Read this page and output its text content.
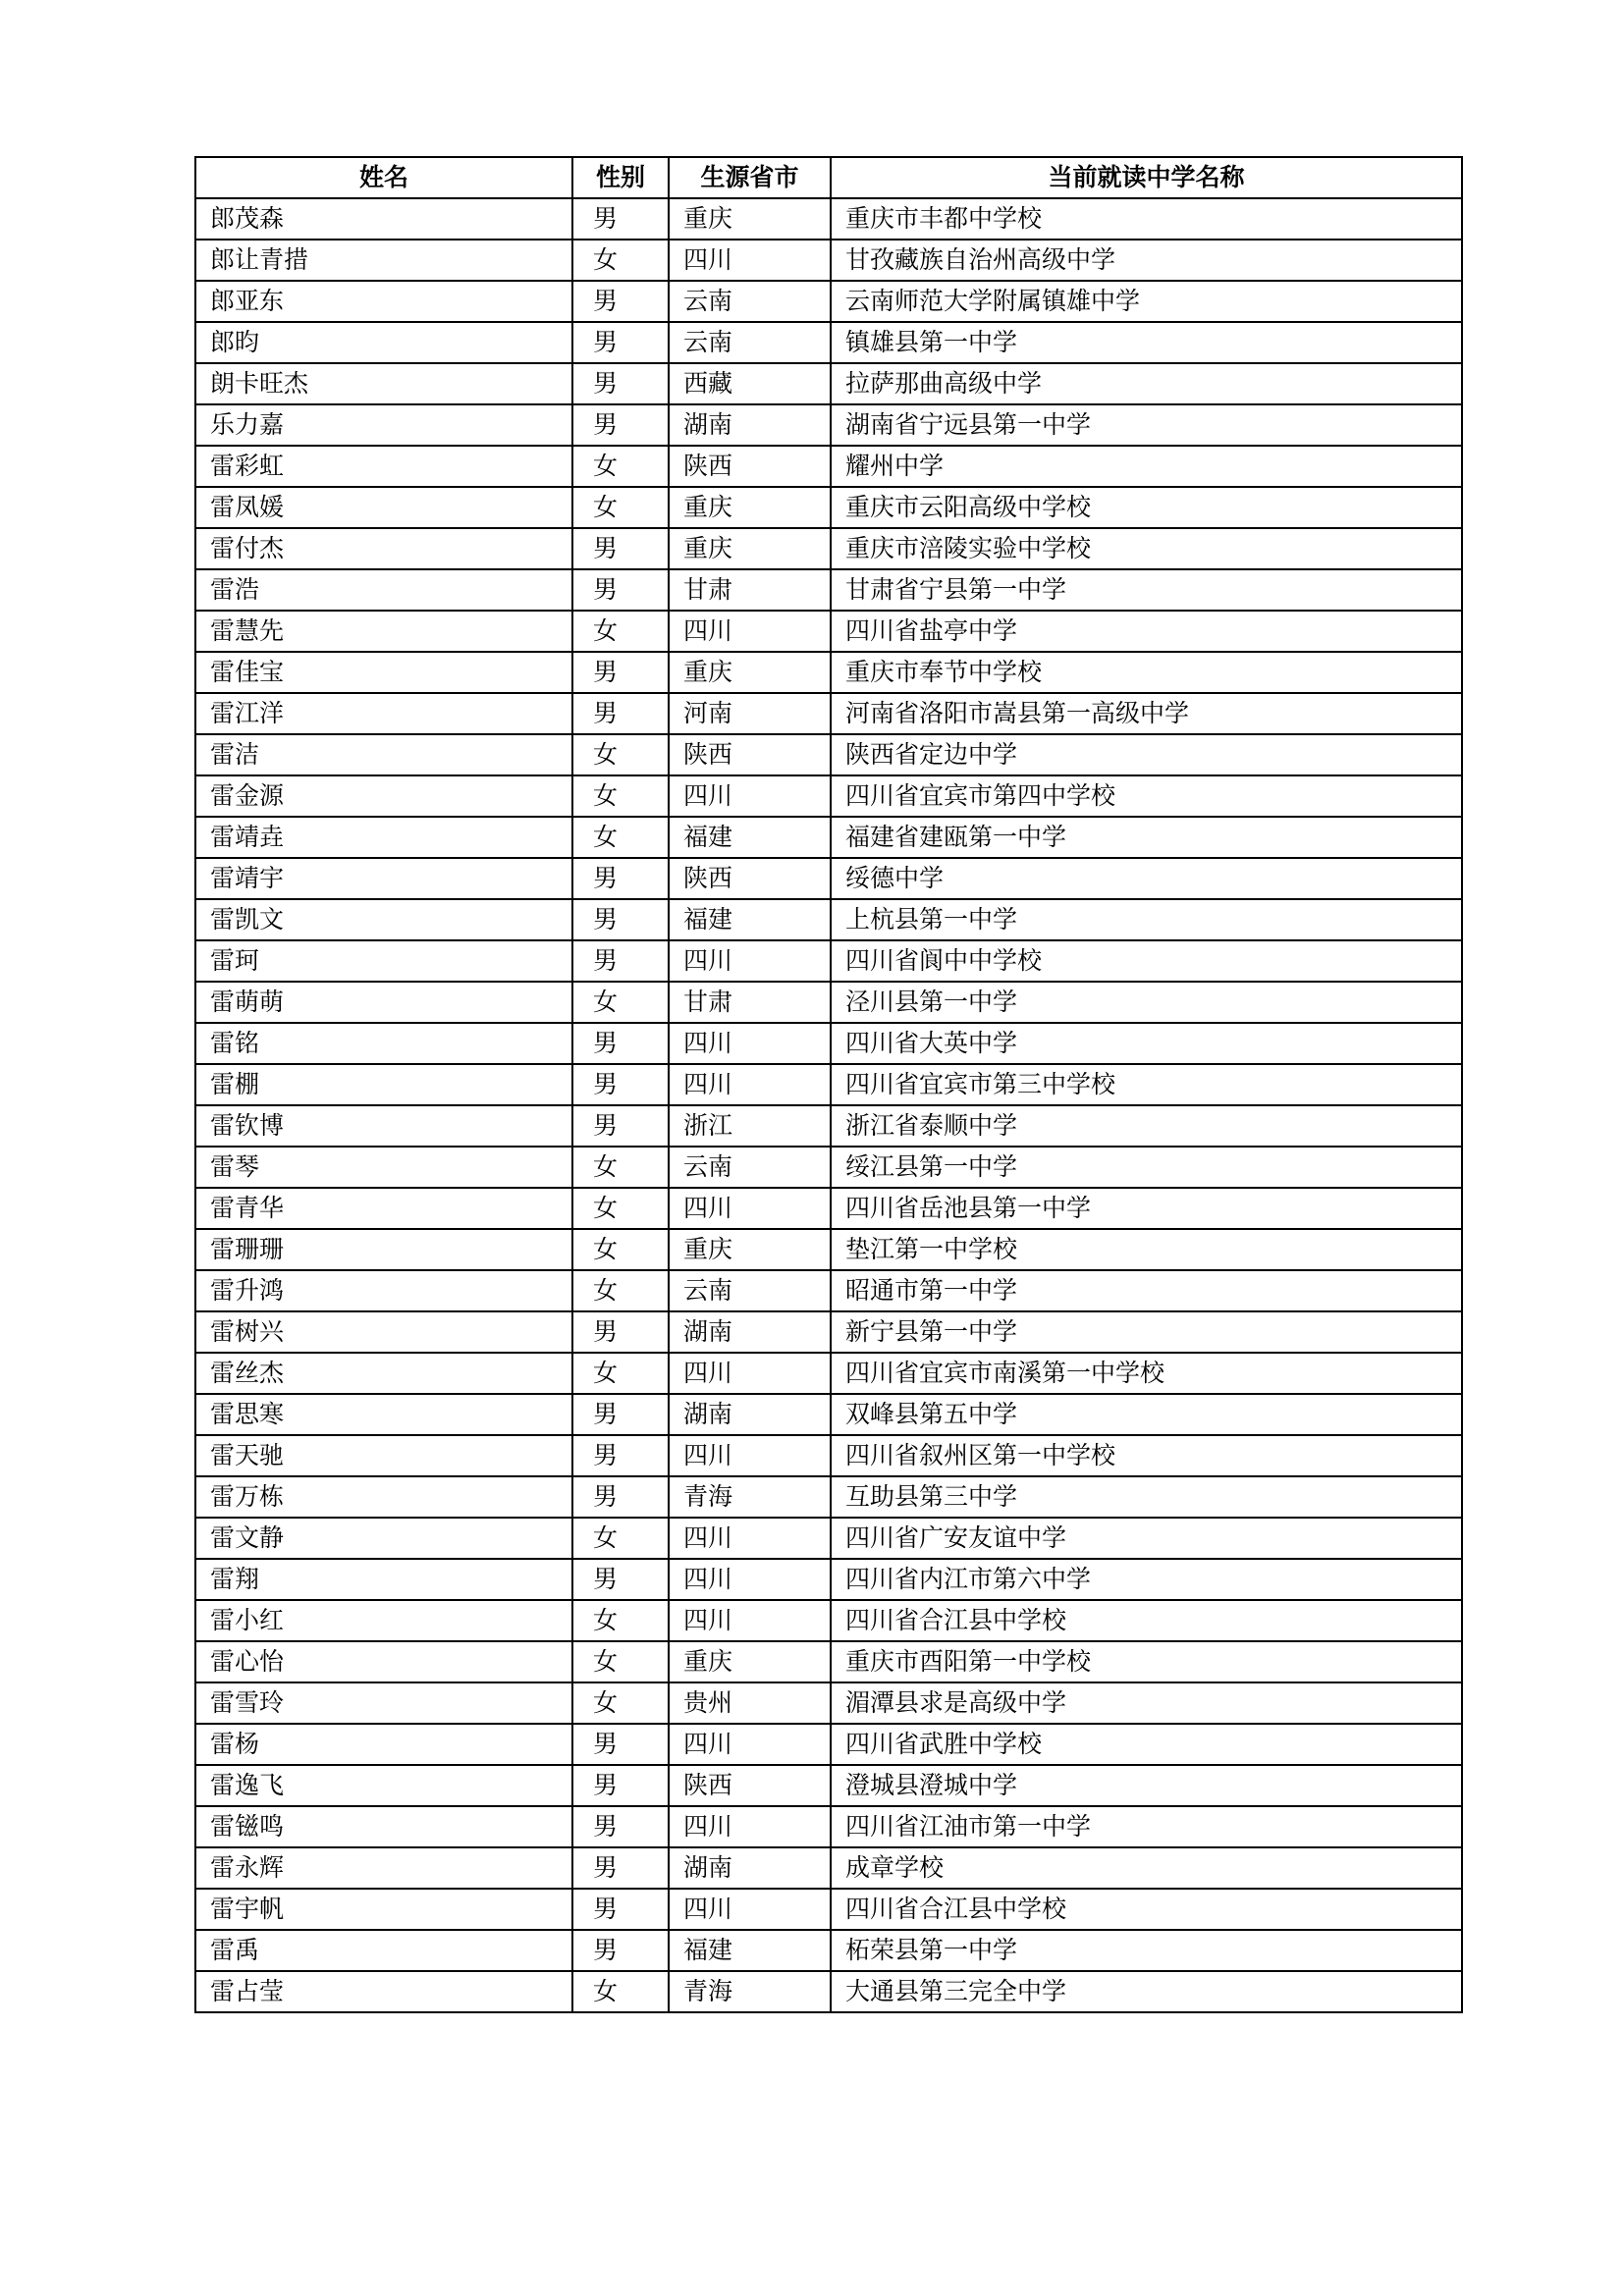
姓名	性别	生源省市	当前就读中学名称
郎茂森	男	重庆	重庆市丰都中学校
郎让青措	女	四川	甘孜藏族自治州高级中学
郎亚东	男	云南	云南师范大学附属镇雄中学
郎昀	男	云南	镇雄县第一中学
朗卡旺杰	男	西藏	拉萨那曲高级中学
乐力嘉	男	湖南	湖南省宁远县第一中学
雷彩虹	女	陕西	耀州中学
雷凤媛	女	重庆	重庆市云阳高级中学校
雷付杰	男	重庆	重庆市涪陵实验中学校
雷浩	男	甘肃	甘肃省宁县第一中学
雷慧先	女	四川	四川省盐亭中学
雷佳宝	男	重庆	重庆市奉节中学校
雷江洋	男	河南	河南省洛阳市嵩县第一高级中学
雷洁	女	陕西	陕西省定边中学
雷金源	女	四川	四川省宜宾市第四中学校
雷靖垚	女	福建	福建省建瓯第一中学
雷靖宇	男	陕西	绥德中学
雷凯文	男	福建	上杭县第一中学
雷珂	男	四川	四川省阆中中学校
雷萌萌	女	甘肃	泾川县第一中学
雷铭	男	四川	四川省大英中学
雷棚	男	四川	四川省宜宾市第三中学校
雷钦博	男	浙江	浙江省泰顺中学
雷琴	女	云南	绥江县第一中学
雷青华	女	四川	四川省岳池县第一中学
雷珊珊	女	重庆	垫江第一中学校
雷升鸿	女	云南	昭通市第一中学
雷树兴	男	湖南	新宁县第一中学
雷丝杰	女	四川	四川省宜宾市南溪第一中学校
雷思寒	男	湖南	双峰县第五中学
雷天驰	男	四川	四川省叙州区第一中学校
雷万栋	男	青海	互助县第三中学
雷文静	女	四川	四川省广安友谊中学
雷翔	男	四川	四川省内江市第六中学
雷小红	女	四川	四川省合江县中学校
雷心怡	女	重庆	重庆市酉阳第一中学校
雷雪玲	女	贵州	湄潭县求是高级中学
雷杨	男	四川	四川省武胜中学校
雷逸飞	男	陕西	澄城县澄城中学
雷镃鸣	男	四川	四川省江油市第一中学
雷永辉	男	湖南	成章学校
雷宇帆	男	四川	四川省合江县中学校
雷禹	男	福建	柘荣县第一中学
雷占莹	女	青海	大通县第三完全中学
